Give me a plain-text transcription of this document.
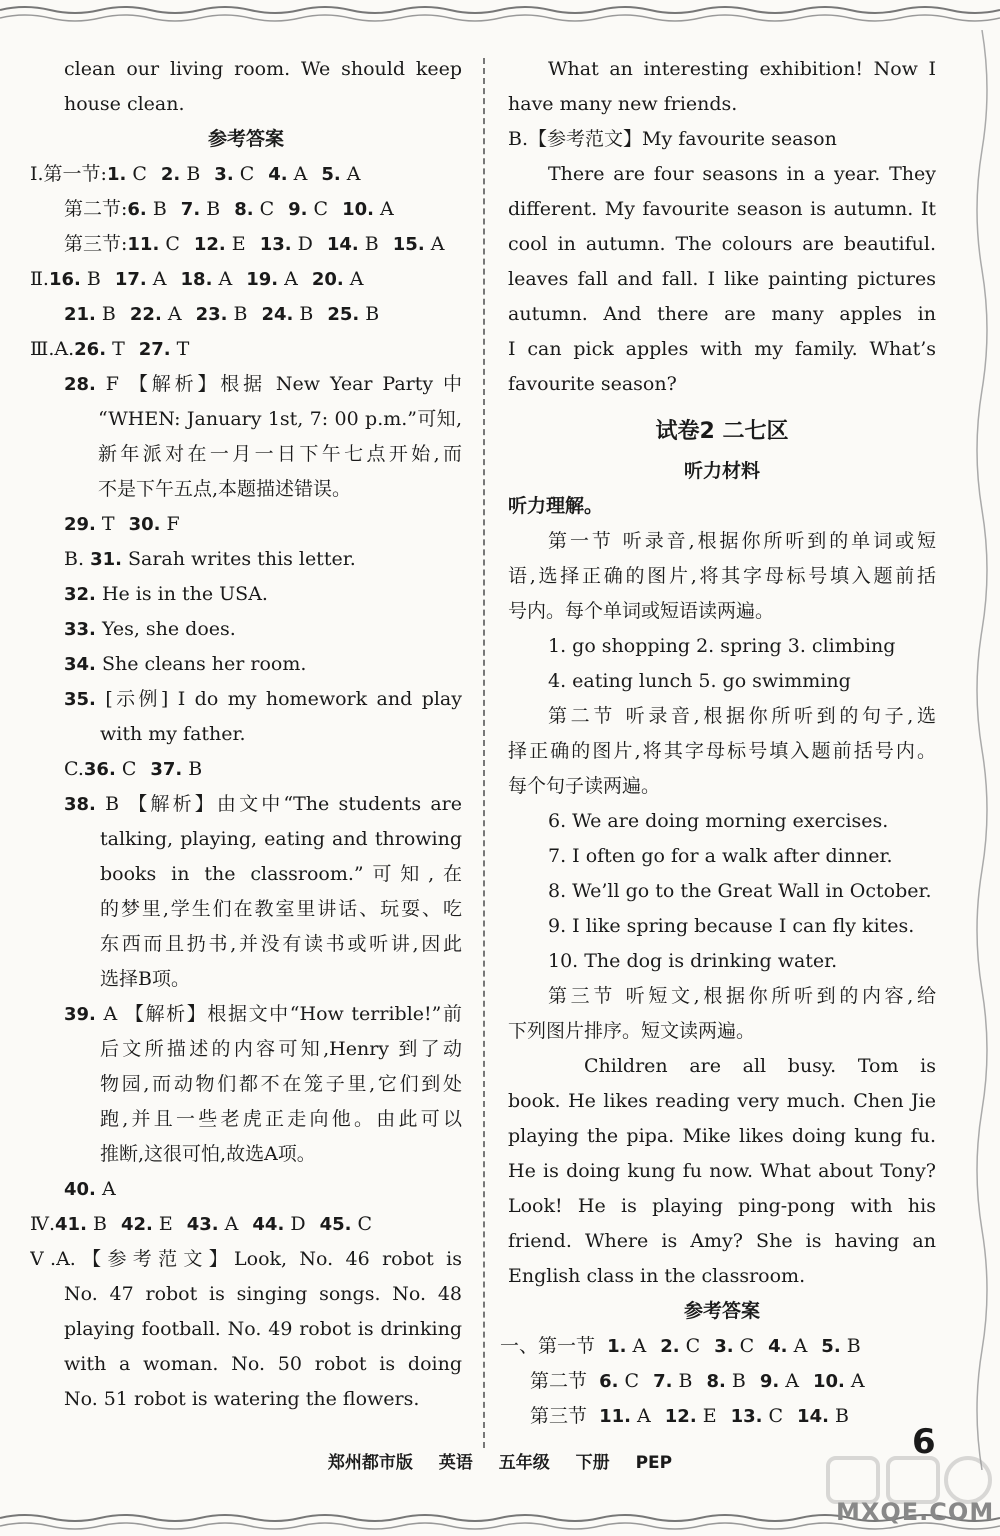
clean our living room. We should keep
house clean.
参考答案
Ⅰ.第一节:1. C 2. B 3. C 4. A 5. A
第二节:6. B 7. B 8. C 9. C 10. A
第三节:11. C 12. E 13. D 14. B 15. A
Ⅱ.16. B 17. A 18. A 19. A 20. A
21. B 22. A 23. B 24. B 25. B
Ⅲ.A.26. T 27. T
28. F 【解析】根据 New Year Party 中
“WHEN: January 1st, 7: 00 p.m.”可知,
新年派对在一月一日下午七点开始,而
不是下午五点,本题描述错误。
29. T 30. F
B. 31. Sarah writes this letter.
32. He is in the USA.
33. Yes, she does.
34. She cleans her room.
35. [示例] I do my homework and play
with my father.
C.36. C 37. B
38. B 【解析】由文中“The students are
talking, playing, eating and throwing
books in the classroom.”可知,在
的梦里,学生们在教室里讲话、玩耍、吃
东西而且扔书,并没有读书或听讲,因此
选择B项。
39. A 【解析】根据文中“How terrible!”前
后文所描述的内容可知,Henry 到了动
物园,而动物们都不在笼子里,它们到处
跑,并且一些老虎正走向他。由此可以
推断,这很可怕,故选A项。
40. A
Ⅳ.41. B 42. E 43. A 44. D 45. C
Ⅴ.A.【参考范文】Look, No. 46 robot is
No. 47 robot is singing songs. No. 48
playing football. No. 49 robot is drinking
with a woman. No. 50 robot is doing
No. 51 robot is watering the flowers.
What an interesting exhibition! Now I
have many new friends.
B.【参考范文】My favourite season
There are four seasons in a year. They
different. My favourite season is autumn. It
cool in autumn. The colours are beautiful.
leaves fall and fall. I like painting pictures
autumn. And there are many apples in
I can pick apples with my family. What’s
favourite season?
试卷2 二七区
听力材料
听力理解。
第一节 听录音,根据你所听到的单词或短
语,选择正确的图片,将其字母标号填入题前括
号内。每个单词或短语读两遍。
1. go shopping 2. spring 3. climbing
4. eating lunch 5. go swimming
第二节 听录音,根据你所听到的句子,选
择正确的图片,将其字母标号填入题前括号内。
每个句子读两遍。
6. We are doing morning exercises.
7. I often go for a walk after dinner.
8. We’ll go to the Great Wall in October.
9. I like spring because I can fly kites.
10. The dog is drinking water.
第三节 听短文,根据你所听到的内容,给
下列图片排序。短文读两遍。
Children are all busy. Tom is
book. He likes reading very much. Chen Jie
playing the pipa. Mike likes doing kung fu.
He is doing kung fu now. What about Tony?
Look! He is playing ping-pong with his
friend. Where is Amy? She is having an
English class in the classroom.
参考答案
一、第一节 1. A 2. C 3. C 4. A 5. B
第二节 6. C 7. B 8. B 9. A 10. A
第三节 11. A 12. E 13. C 14. B
郑州都市版 英语 五年级 下册 PEP
6
MXQE.COM
